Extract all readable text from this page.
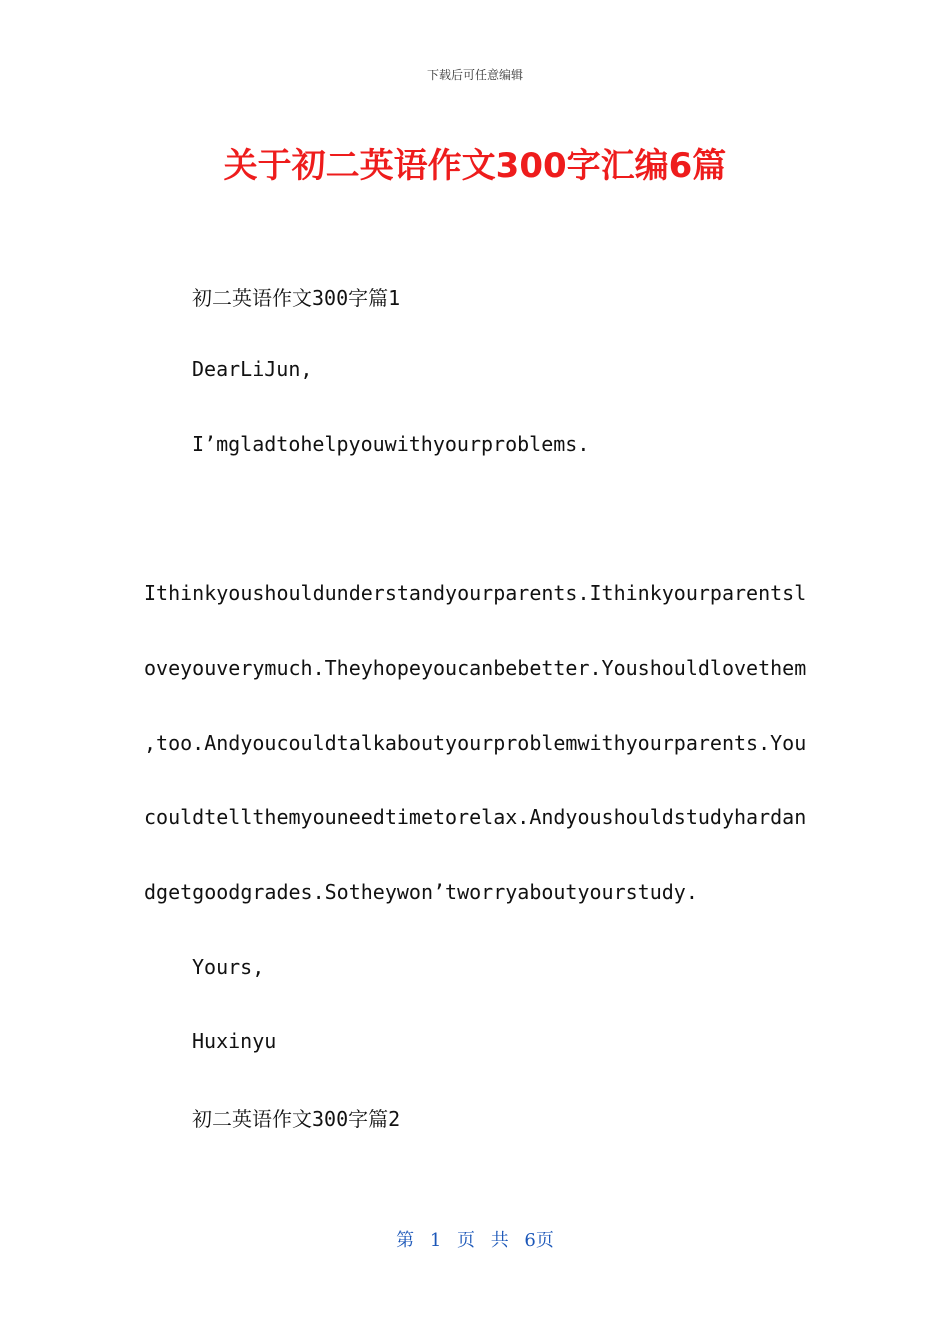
下载后可任意编辑
关于初二英语作文300字汇编6篇
初二英语作文300字篇1
DearLiJun,
I’mgladtohelpyouwithyourproblems.
Ithinkyoushouldunderstandyourparents.Ithinkyourparentsl
oveyouverymuch.Theyhopeyoucanbebetter.Youshouldlovethem
,too.Andyoucouldtalkaboutyourproblemwithyourparents.You
couldtellthemyouneedtimetorelax.Andyoushouldstudyhardan
dgetgoodgrades.Sotheywon’tworryaboutyourstudy.
Yours,
Huxinyu
初二英语作文300字篇2
第 1 页 共 6页
